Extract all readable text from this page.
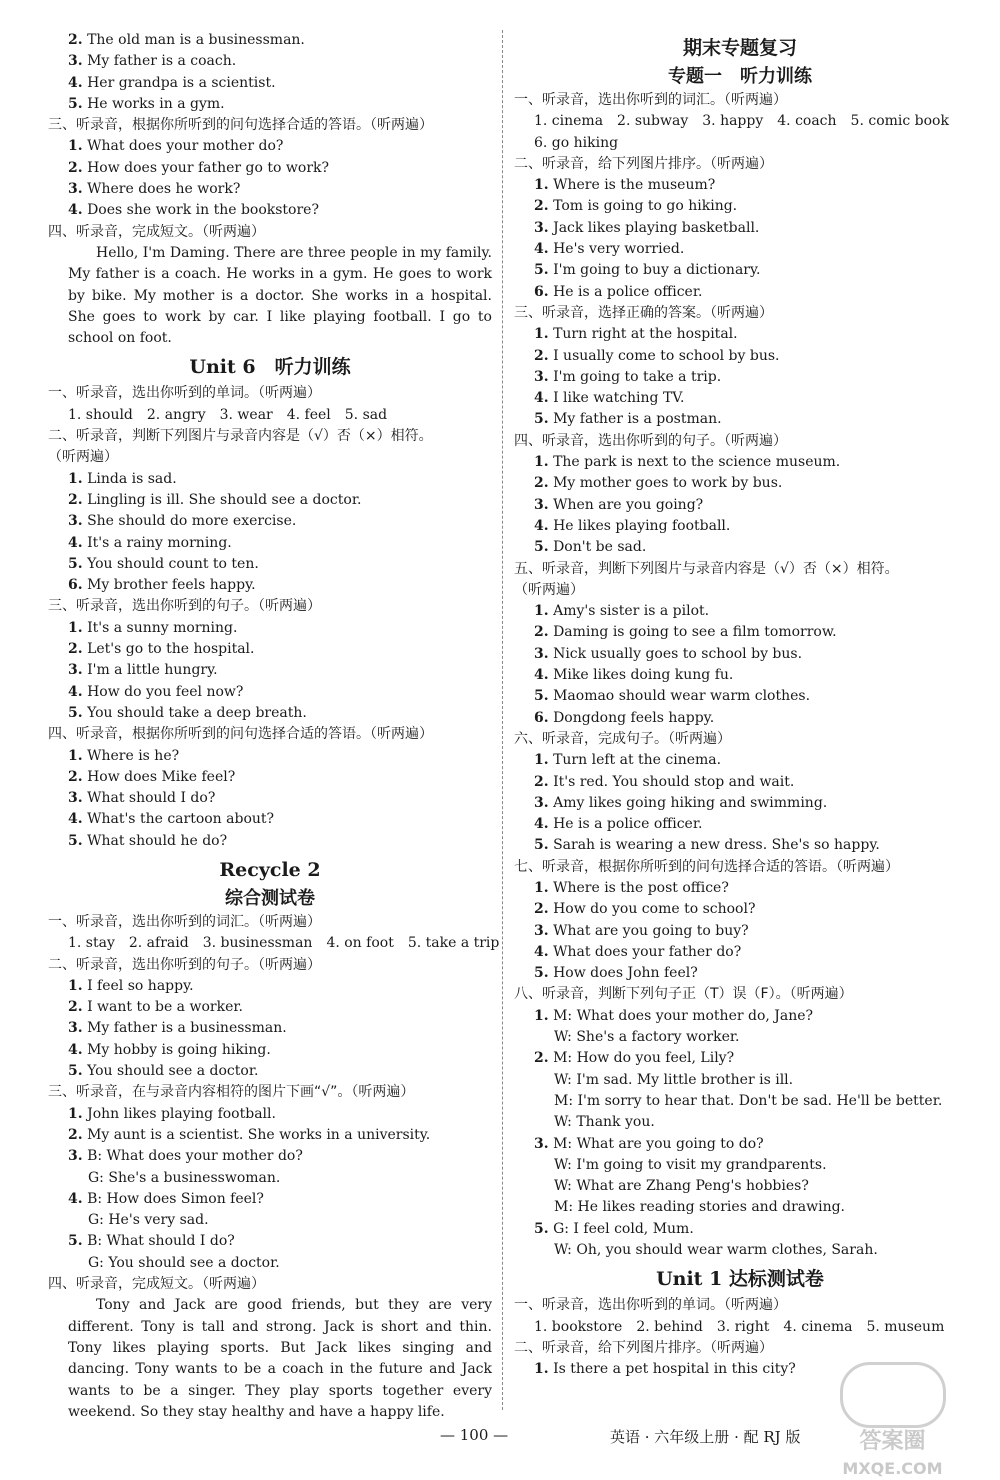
2. The old man is a businessman.
3. My father is a coach.
4. Her grandpa is a scientist.
5. He works in a gym.
三、听录音，根据你所听到的问句选择合适的答语。（听两遍）
1. What does your mother do?
2. How does your father go to work?
3. Where does he work?
4. Does she work in the bookstore?
四、听录音，完成短文。（听两遍）
Hello, I'm Daming. There are three people in my family. My father is a coach. He works in a gym. He goes to work by bike. My mother is a doctor. She works in a hospital. She goes to work by car. I like playing football. I go to school on foot.
Unit 6　听力训练
一、听录音，选出你听到的单词。（听两遍）
1. should　2. angry　3. wear　4. feel　5. sad
二、听录音，判断下列图片与录音内容是（√）否（×）相符。
（听两遍）
1. Linda is sad.
2. Lingling is ill. She should see a doctor.
3. She should do more exercise.
4. It's a rainy morning.
5. You should count to ten.
6. My brother feels happy.
三、听录音，选出你听到的句子。（听两遍）
1. It's a sunny morning.
2. Let's go to the hospital.
3. I'm a little hungry.
4. How do you feel now?
5. You should take a deep breath.
四、听录音，根据你所听到的问句选择合适的答语。（听两遍）
1. Where is he?
2. How does Mike feel?
3. What should I do?
4. What's the cartoon about?
5. What should he do?
Recycle 2
综合测试卷
一、听录音，选出你听到的词汇。（听两遍）
1. stay　2. afraid　3. businessman　4. on foot　5. take a trip
二、听录音，选出你听到的句子。（听两遍）
1. I feel so happy.
2. I want to be a worker.
3. My father is a businessman.
4. My hobby is going hiking.
5. You should see a doctor.
三、听录音，在与录音内容相符的图片下画“√”。（听两遍）
1. John likes playing football.
2. My aunt is a scientist. She works in a university.
3. B: What does your mother do?
G: She's a businesswoman.
4. B: How does Simon feel?
G: He's very sad.
5. B: What should I do?
G: You should see a doctor.
四、听录音，完成短文。（听两遍）
Tony and Jack are good friends, but they are very different. Tony is tall and strong. Jack is short and thin. Tony likes playing sports. But Jack likes singing and dancing. Tony wants to be a coach in the future and Jack wants to be a singer. They play sports together every weekend. So they stay healthy and have a happy life.
期末专题复习
专题一　听力训练
一、听录音，选出你听到的词汇。（听两遍）
1. cinema　2. subway　3. happy　4. coach　5. comic book
6. go hiking
二、听录音，给下列图片排序。（听两遍）
1. Where is the museum?
2. Tom is going to go hiking.
3. Jack likes playing basketball.
4. He's very worried.
5. I'm going to buy a dictionary.
6. He is a police officer.
三、听录音，选择正确的答案。（听两遍）
1. Turn right at the hospital.
2. I usually come to school by bus.
3. I'm going to take a trip.
4. I like watching TV.
5. My father is a postman.
四、听录音，选出你听到的句子。（听两遍）
1. The park is next to the science museum.
2. My mother goes to work by bus.
3. When are you going?
4. He likes playing football.
5. Don't be sad.
五、听录音，判断下列图片与录音内容是（√）否（×）相符。
（听两遍）
1. Amy's sister is a pilot.
2. Daming is going to see a film tomorrow.
3. Nick usually goes to school by bus.
4. Mike likes doing kung fu.
5. Maomao should wear warm clothes.
6. Dongdong feels happy.
六、听录音，完成句子。（听两遍）
1. Turn left at the cinema.
2. It's red. You should stop and wait.
3. Amy likes going hiking and swimming.
4. He is a police officer.
5. Sarah is wearing a new dress. She's so happy.
七、听录音，根据你所听到的问句选择合适的答语。（听两遍）
1. Where is the post office?
2. How do you come to school?
3. What are you going to buy?
4. What does your father do?
5. How does John feel?
八、听录音，判断下列句子正（T）误（F）。（听两遍）
1. M: What does your mother do, Jane?
W: She's a factory worker.
2. M: How do you feel, Lily?
W: I'm sad. My little brother is ill.
M: I'm sorry to hear that. Don't be sad. He'll be better.
W: Thank you.
3. M: What are you going to do?
W: I'm going to visit my grandparents.
W: What are Zhang Peng's hobbies?
M: He likes reading stories and drawing.
5. G: I feel cold, Mum.
W: Oh, you should wear warm clothes, Sarah.
Unit 1 达标测试卷
一、听录音，选出你听到的单词。（听两遍）
1. bookstore　2. behind　3. right　4. cinema　5. museum
二、听录音，给下列图片排序。（听两遍）
1. Is there a pet hospital in this city?
— 100 —	英语 · 六年级上册 · 配 RJ 版	答案圈
MXQE.COM
